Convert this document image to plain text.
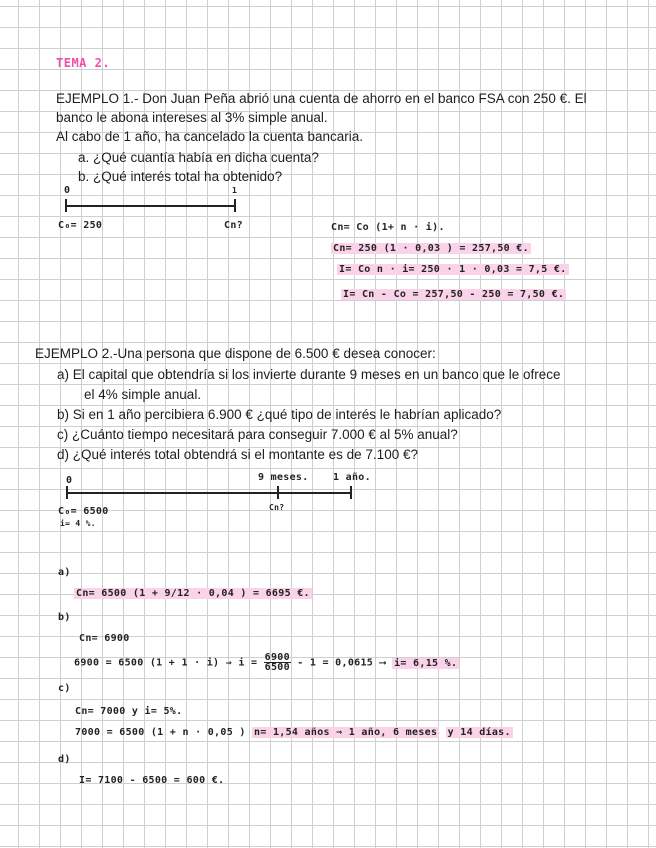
TEMA 2.
EJEMPLO 1.- Don Juan Peña abrió una cuenta de ahorro en el banco FSA con 250 €. El
banco le abona intereses al 3% simple anual.
Al cabo de 1 año, ha cancelado la cuenta bancaria.
a. ¿Qué cuantía había en dicha cuenta?
b. ¿Qué interés total ha obtenido?
0	1
C₀= 250	Cn?	Cn= Co (1+ n · i).
Cn= 250 (1 · 0,03 ) = 257,50 €.
I= Co n · i= 250 · 1 · 0,03 = 7,5 €.
I= Cn - Co = 257,50 - 250 = 7,50 €.
EJEMPLO 2.-Una persona que dispone de 6.500 € desea conocer:
a) El capital que obtendría si los invierte durante 9 meses en un banco que le ofrece
el 4% simple anual.
b) Si en 1 año percibiera 6.900 € ¿qué tipo de interés le habrían aplicado?
c) ¿Cuánto tiempo necesitará para conseguir 7.000 € al 5% anual?
d) ¿Qué interés total obtendrá si el montante es de 7.100 €?
0	9 meses. 1 año.
C₀= 6500
i= 4 %.
Cn?
a)
Cn= 6500 (1 + 9/12 · 0,04 ) = 6695 €.
b)
Cn= 6900
6900 = 6500 (1 + 1 · i) ⇒ $i = \frac{6900}{6500} - 1 = 0,0615$ ⟶ i= 6,15 %.
c)
Cn= 7000 y i= 5%.
7000 = 6500 (1 + n · 0,05 ) n= 1,54 años ⇒ 1 año, 6 meses y 14 días.
d)
I= 7100 - 6500 = 600 €.
